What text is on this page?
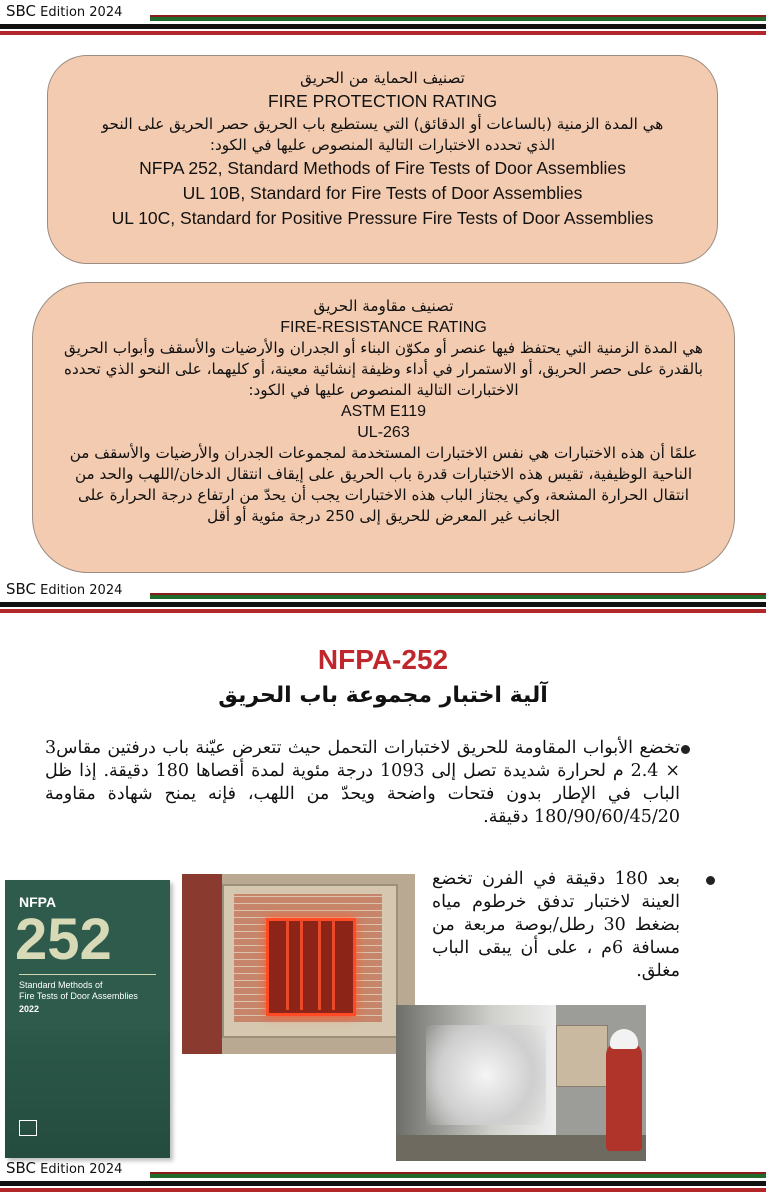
SBC Edition 2024
تصنيف الحماية من الحريق
FIRE PROTECTION RATING
هي المدة الزمنية (بالساعات أو الدقائق) التي يستطيع باب الحريق حصر الحريق على النحو الذي تحدده الاختبارات التالية المنصوص عليها في الكود:
NFPA 252, Standard Methods of Fire Tests of Door Assemblies
UL 10B, Standard for Fire Tests of Door Assemblies
UL 10C, Standard for Positive Pressure Fire Tests of Door Assemblies
تصنيف مقاومة الحريق
FIRE-RESISTANCE RATING
هي المدة الزمنية التي يحتفظ فيها عنصر أو مكوّن البناء أو الجدران والأرضيات والأسقف وأبواب الحريق بالقدرة على حصر الحريق، أو الاستمرار في أداء وظيفة إنشائية معينة، أو كليهما، على النحو الذي تحدده الاختبارات التالية المنصوص عليها في الكود:
ASTM E119
UL-263
علمًا أن هذه الاختبارات هي نفس الاختبارات المستخدمة لمجموعات الجدران والأرضيات والأسقف من الناحية الوظيفية، تقيس هذه الاختبارات قدرة باب الحريق على إيقاف انتقال الدخان/اللهب والحد من انتقال الحرارة المشعة، وكي يجتاز الباب هذه الاختبارات يجب أن يحدّ من ارتفاع درجة الحرارة على الجانب غير المعرض للحريق إلى 250 درجة مئوية أو أقل
SBC Edition 2024
NFPA-252
آلية اختبار مجموعة باب الحريق
تخضع الأبواب المقاومة للحريق لاختبارات التحمل حيث تتعرض عيّنة باب درفتين مقاس3 × 2.4 م لحرارة شديدة تصل إلى 1093 درجة مئوية لمدة أقصاها 180 دقيقة. إذا ظل الباب في الإطار بدون فتحات واضحة ويحدّ من اللهب، فإنه يمنح شهادة مقاومة 180/90/60/45/20 دقيقة.
بعد 180 دقيقة في الفرن تخضع العينة لاختبار تدفق خرطوم مياه بضغط 30 رطل/بوصة مربعة من مسافة 6م ، على أن يبقى الباب مغلق.
NFPA
252
Standard Methods of
Fire Tests of Door Assemblies
2022
SBC Edition 2024
